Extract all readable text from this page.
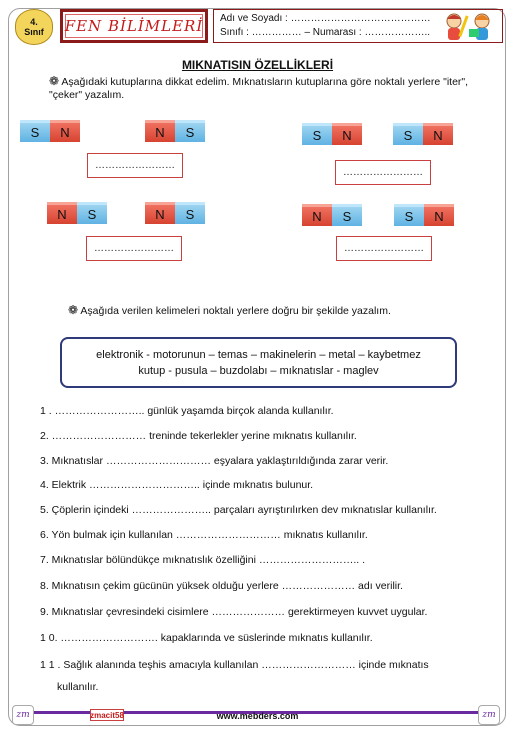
4.
Sınıf	FEN BİLİMLERİ	Adı ve Soyadı : ……………………………………
Sınıfı : …………… – Numarası : ………………..
MIKNATISIN ÖZELLİKLERİ
❁ Aşağıdaki kutuplarına dikkat edelim. Mıknatısların kutuplarına göre noktalı yerlere "iter", "çeker" yazalım.
S	N	N	S
……………………
S	N	S	N
……………………
N	S	N	S
……………………
N	S	S	N
……………………
❁ Aşağıda verilen kelimeleri noktalı yerlere doğru bir şekilde yazalım.
elektronik - motorunun – temas – makinelerin – metal – kaybetmez
kutup - pusula – buzdolabı – mıknatıslar - maglev
1 . …………………….. günlük yaşamda birçok alanda kullanılır.
2. ……………………… treninde tekerlekler yerine mıknatıs kullanılır.
3. Mıknatıslar ………………………… eşyalara yaklaştırıldığında zarar verir.
4. Elektrik ………………………….. içinde mıknatıs bulunur.
5. Çöplerin içindeki ………………….. parçaları ayrıştırılırken dev mıknatıslar kullanılır.
6. Yön bulmak için kullanılan ………………………… mıknatıs kullanılır.
7. Mıknatıslar bölündükçe mıknatıslık özelliğini ……………………….. .
8. Mıknatısın çekim gücünün yüksek olduğu yerlere ………………… adı verilir.
9. Mıknatıslar çevresindeki cisimlere ………………… gerektirmeyen kuvvet uygular.
1 0. ………………………. kapaklarında ve süslerinde mıknatıs kullanılır.
1 1 . Sağlık alanında teşhis amacıyla kullanılan ……………………… içinde mıknatıs
kullanılır.
zmacit58	www.mebders.com
zm	zm
